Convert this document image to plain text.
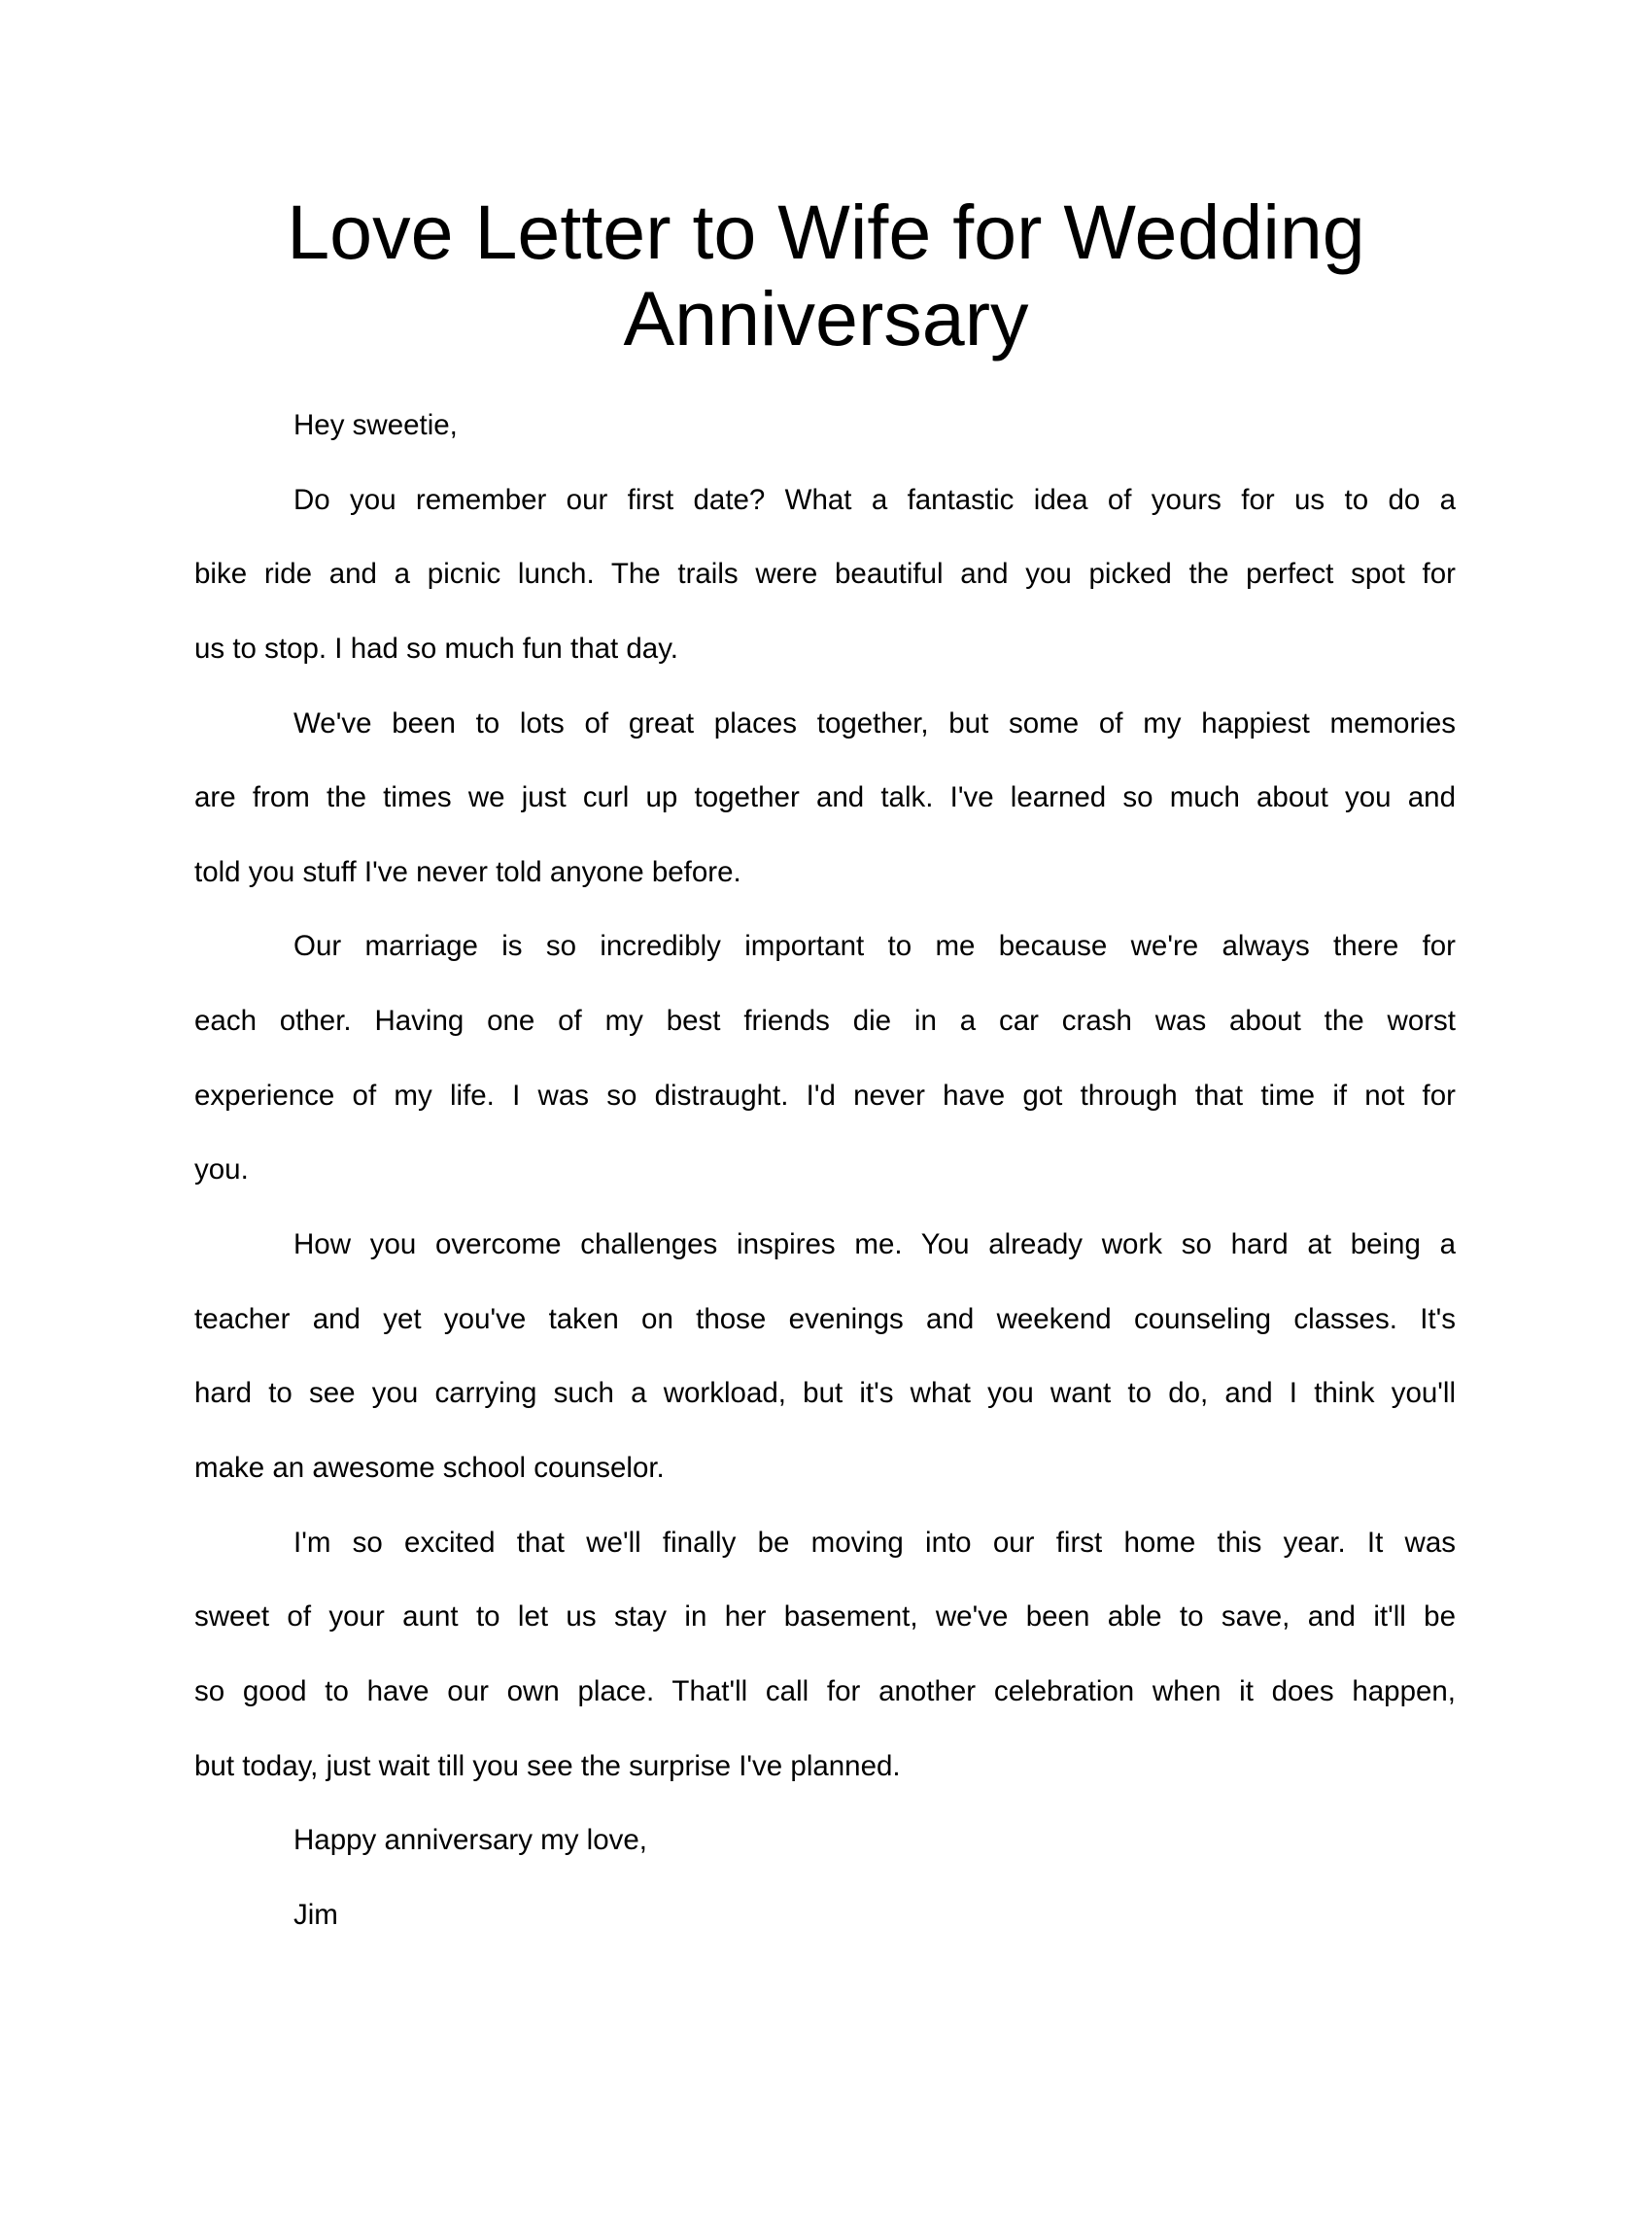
Love Letter to Wife for Wedding
Anniversary
Hey sweetie,
Do you remember our first date? What a fantastic idea of yours for us to do a
bike ride and a picnic lunch. The trails were beautiful and you picked the perfect spot for
us to stop. I had so much fun that day.
We've been to lots of great places together, but some of my happiest memories
are from the times we just curl up together and talk. I've learned so much about you and
told you stuff I've never told anyone before.
Our marriage is so incredibly important to me because we're always there for
each other. Having one of my best friends die in a car crash was about the worst
experience of my life. I was so distraught. I'd never have got through that time if not for
you.
How you overcome challenges inspires me. You already work so hard at being a
teacher and yet you've taken on those evenings and weekend counseling classes. It's
hard to see you carrying such a workload, but it's what you want to do, and I think you'll
make an awesome school counselor.
I'm so excited that we'll finally be moving into our first home this year. It was
sweet of your aunt to let us stay in her basement, we've been able to save, and it'll be
so good to have our own place. That'll call for another celebration when it does happen,
but today, just wait till you see the surprise I've planned.
Happy anniversary my love,
Jim
